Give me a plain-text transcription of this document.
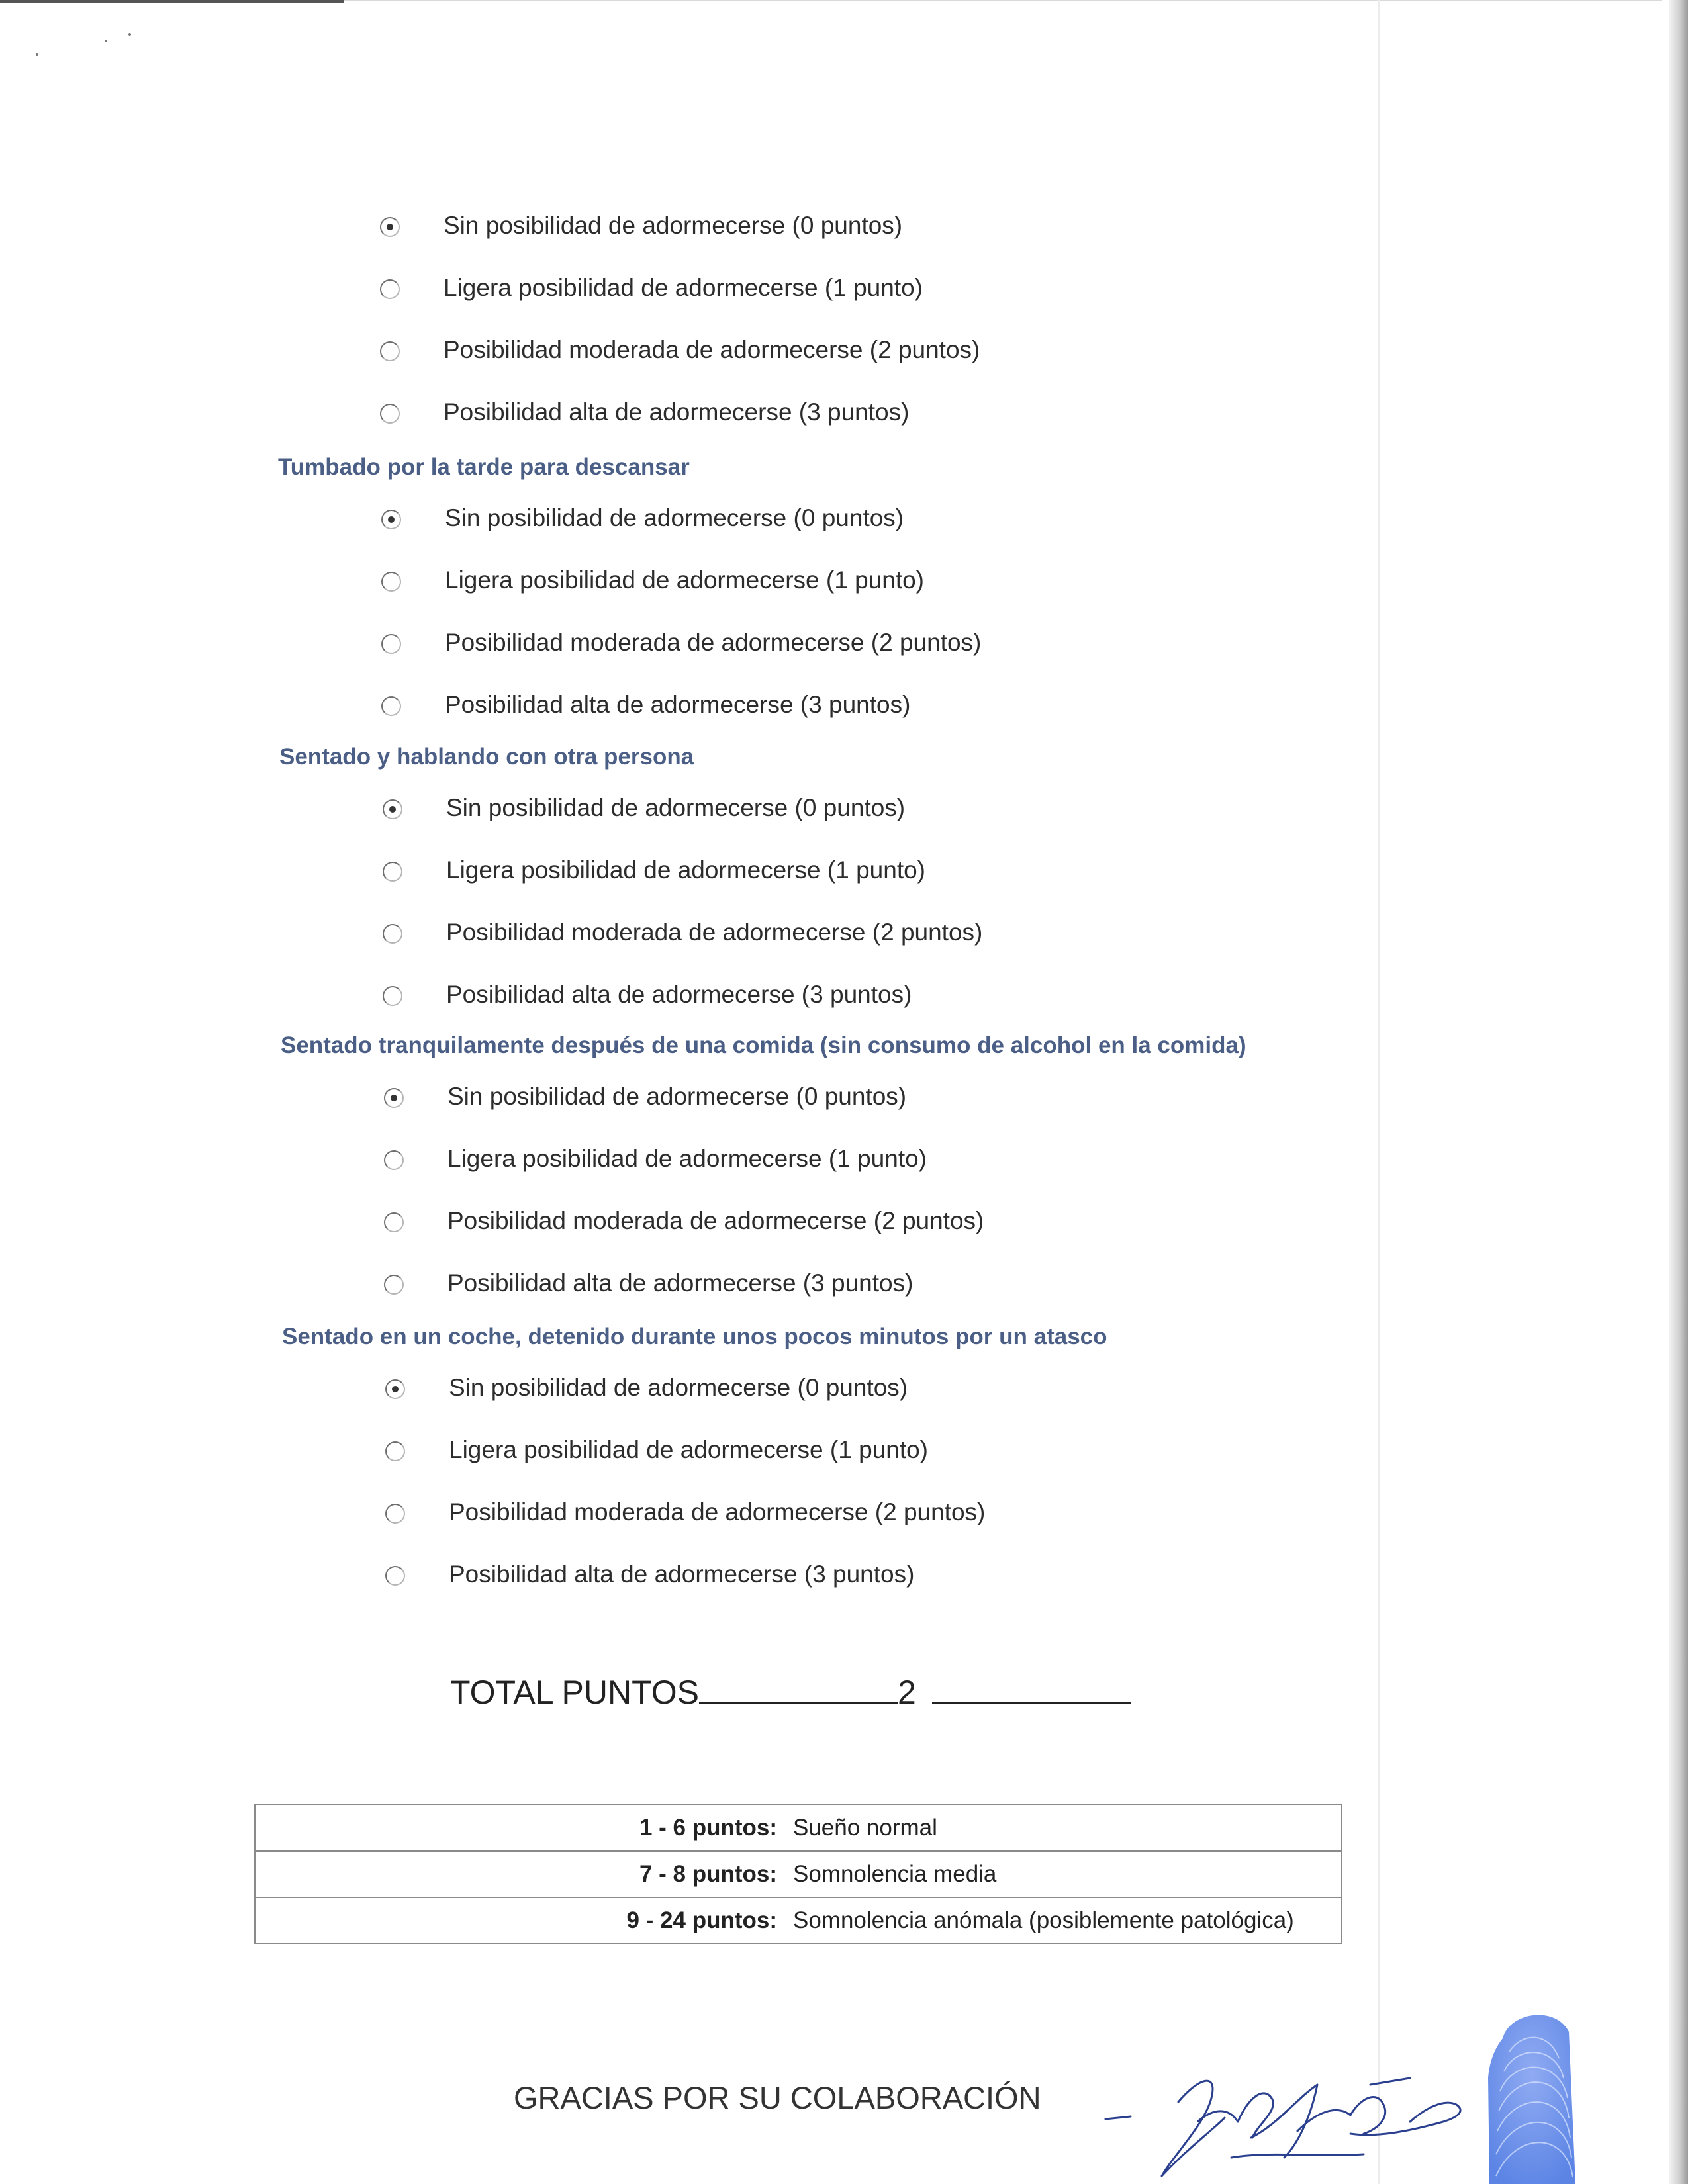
Sin posibilidad de adormecerse (0 puntos)
Ligera posibilidad de adormecerse (1 punto)
Posibilidad moderada de adormecerse (2 puntos)
Posibilidad alta de adormecerse (3 puntos)
Tumbado por la tarde para descansar
Sin posibilidad de adormecerse (0 puntos)
Ligera posibilidad de adormecerse (1 punto)
Posibilidad moderada de adormecerse (2 puntos)
Posibilidad alta de adormecerse (3 puntos)
Sentado y hablando con otra persona
Sin posibilidad de adormecerse (0 puntos)
Ligera posibilidad de adormecerse (1 punto)
Posibilidad moderada de adormecerse (2 puntos)
Posibilidad alta de adormecerse (3 puntos)
Sentado tranquilamente después de una comida (sin consumo de alcohol en la comida)
Sin posibilidad de adormecerse (0 puntos)
Ligera posibilidad de adormecerse (1 punto)
Posibilidad moderada de adormecerse (2 puntos)
Posibilidad alta de adormecerse (3 puntos)
Sentado en un coche, detenido durante unos pocos minutos por un atasco
Sin posibilidad de adormecerse (0 puntos)
Ligera posibilidad de adormecerse (1 punto)
Posibilidad moderada de adormecerse (2 puntos)
Posibilidad alta de adormecerse (3 puntos)
TOTAL PUNTOS	2
1 - 6 puntos:	Sueño normal
7 - 8 puntos:	Somnolencia media
9 - 24 puntos:	Somnolencia anómala (posiblemente patológica)
GRACIAS POR SU COLABORACIÓN
